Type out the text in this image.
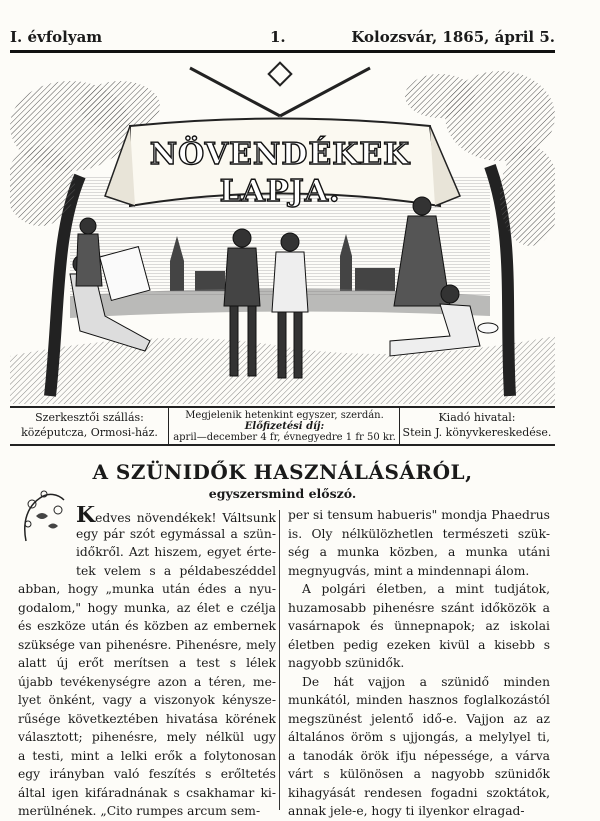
I. évfolyam	1.	Kolozsvár, 1865, ápril 5.
NÖVENDÉKEK
LAPJA.
Szerkesztői szállás:
középutcza, Ormosi-ház.
Megjelenik hetenkint egyszer, szerdán.
Előfizetési díj:
april—december 4 fr, évnegyedre 1 fr 50 kr.
Kiadó hivatal:
Stein J. könyvkereskedése.
A SZÜNIDŐK HASZNÁLÁSÁRÓL,
egyszersmind előszó.
Kedves növendékek! Váltsunk
egy pár szót egymással a szün-
időkről. Azt hiszem, egyet érte-
tek velem s a példabeszéddel
abban, hogy „munka után édes a nyu-
godalom," hogy munka, az élet e czélja
és eszköze után és közben az embernek
szüksége van pihenésre. Pihenésre, mely
alatt új erőt merítsen a test s lélek
újabb tevékenységre azon a téren, me-
lyet önként, vagy a viszonyok kénysze-
rűsége következtében hivatása körének
választott; pihenésre, mely nélkül ugy
a testi, mint a lelki erők a folytonosan
egy irányban való feszítés s erőltetés
által igen kifáradnának s csakhamar ki-
merülnének. „Cito rumpes arcum sem-
per si tensum habueris" mondja Phaedrus
is. Oly nélkülözhetlen természeti szük-
ség a munka közben, a munka utáni
megnyugvás, mint a mindennapi álom.
A polgári életben, a mint tudjátok,
huzamosabb pihenésre szánt időközök a
vasárnapok és ünnepnapok; az iskolai
életben pedig ezeken kivül a kisebb s
nagyobb szünidők.
De hát vajjon a szünidő minden
munkától, minden hasznos foglalkozástól
megszünést jelentő idő-e. Vajjon az az
általános öröm s ujjongás, a melylyel ti,
a tanodák örök ifju népessége, a várva
várt s különösen a nagyobb szünidők
kihagyását rendesen fogadni szoktátok,
annak jele-e, hogy ti ilyenkor elragad-
